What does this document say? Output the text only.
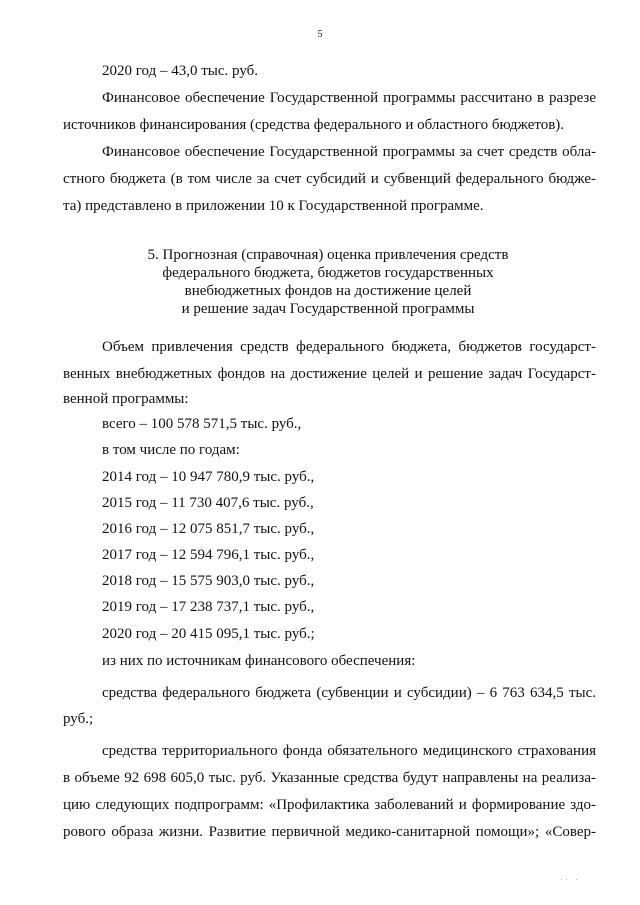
5
2020 год – 43,0 тыс. руб.
Финансовое обеспечение Государственной программы рассчитано в разрезе
источников финансирования (средства федерального и областного бюджетов).
Финансовое обеспечение Государственной программы за счет средств обла-
стного бюджета (в том числе за счет субсидий и субвенций федерального бюдже-
та) представлено в приложении 10 к Государственной программе.
5. Прогнозная (справочная) оценка привлечения средств
федерального бюджета, бюджетов государственных
внебюджетных фондов на достижение целей
и решение задач Государственной программы
Объем привлечения средств федерального бюджета, бюджетов государст-
венных внебюджетных фондов на достижение целей и решение задач Государст-
венной программы:
всего – 100 578 571,5 тыс. руб.,
в том числе по годам:
2014 год – 10 947 780,9 тыс. руб.,
2015 год – 11 730 407,6 тыс. руб.,
2016 год – 12 075 851,7 тыс. руб.,
2017 год – 12 594 796,1 тыс. руб.,
2018 год – 15 575 903,0 тыс. руб.,
2019 год – 17 238 737,1 тыс. руб.,
2020 год – 20 415 095,1 тыс. руб.;
из них по источникам финансового обеспечения:
средства федерального бюджета (субвенции и субсидии) – 6 763 634,5 тыс.
руб.;
средства территориального фонда обязательного медицинского страхования
в объеме 92 698 605,0 тыс. руб. Указанные средства будут направлены на реализа-
цию следующих подпрограмм: «Профилактика заболеваний и формирование здо-
рового образа жизни. Развитие первичной медико-санитарной помощи»; «Совер-
·· ·
